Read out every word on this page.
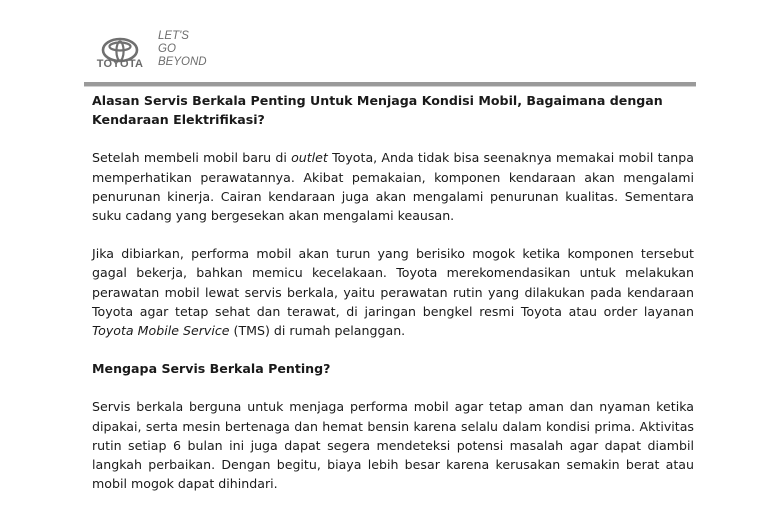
TOYOTA
LET'S
GO
BEYOND
Alasan Servis Berkala Penting Untuk Menjaga Kondisi Mobil, Bagaimana dengan Kendaraan Elektrifikasi?

Setelah membeli mobil baru di outlet Toyota, Anda tidak bisa seenaknya memakai mobil tanpa memperhatikan perawatannya. Akibat pemakaian, komponen kendaraan akan mengalami penurunan kinerja. Cairan kendaraan juga akan mengalami penurunan kualitas. Sementara suku cadang yang bergesekan akan mengalami keausan.

Jika dibiarkan, performa mobil akan turun yang berisiko mogok ketika komponen tersebut gagal bekerja, bahkan memicu kecelakaan. Toyota merekomendasikan untuk melakukan perawatan mobil lewat servis berkala, yaitu perawatan rutin yang dilakukan pada kendaraan Toyota agar tetap sehat dan terawat, di jaringan bengkel resmi Toyota atau order layanan Toyota Mobile Service (TMS) di rumah pelanggan.

Mengapa Servis Berkala Penting?

Servis berkala berguna untuk menjaga performa mobil agar tetap aman dan nyaman ketika dipakai, serta mesin bertenaga dan hemat bensin karena selalu dalam kondisi prima. Aktivitas rutin setiap 6 bulan ini juga dapat segera mendeteksi potensi masalah agar dapat diambil langkah perbaikan. Dengan begitu, biaya lebih besar karena kerusakan semakin berat atau mobil mogok dapat dihindari.
